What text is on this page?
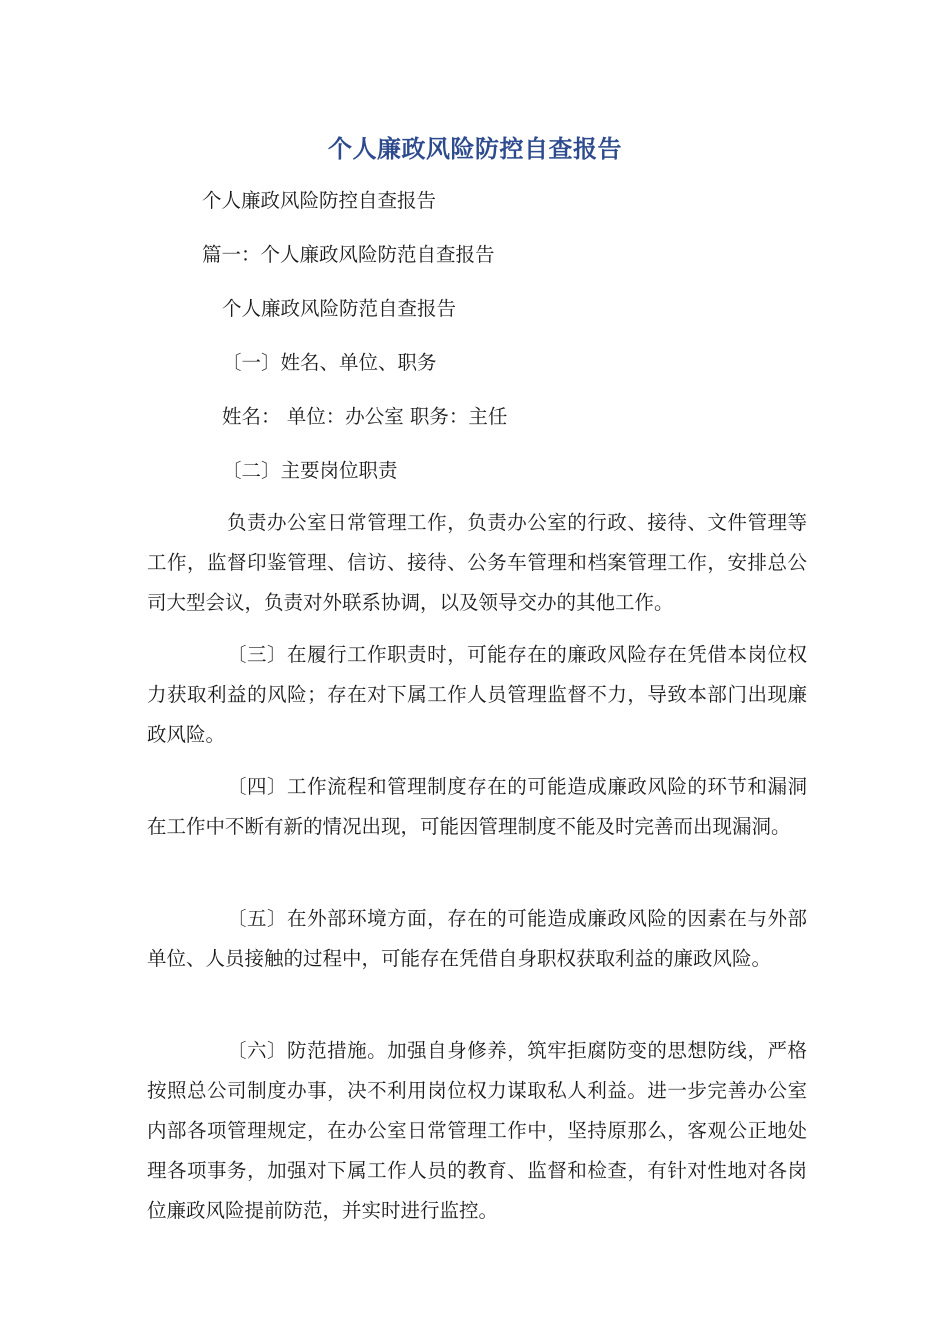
个人廉政风险防控自查报告
个人廉政风险防控自查报告
篇一：个人廉政风险防范自查报告
个人廉政风险防范自查报告
〔一〕姓名、单位、职务
姓名： 单位：办公室 职务：主任
〔二〕主要岗位职责
负责办公室日常管理工作，负责办公室的行政、接待、文件管理等工作，监督印鉴管理、信访、接待、公务车管理和档案管理工作，安排总公司大型会议，负责对外联系协调，以及领导交办的其他工作。
〔三〕在履行工作职责时，可能存在的廉政风险存在凭借本岗位权力获取利益的风险；存在对下属工作人员管理监督不力，导致本部门出现廉政风险。
〔四〕工作流程和管理制度存在的可能造成廉政风险的环节和漏洞在工作中不断有新的情况出现，可能因管理制度不能及时完善而出现漏洞。
〔五〕在外部环境方面，存在的可能造成廉政风险的因素在与外部单位、人员接触的过程中，可能存在凭借自身职权获取利益的廉政风险。
〔六〕防范措施。加强自身修养，筑牢拒腐防变的思想防线，严格按照总公司制度办事，决不利用岗位权力谋取私人利益。进一步完善办公室内部各项管理规定，在办公室日常管理工作中，坚持原那么，客观公正地处理各项事务，加强对下属工作人员的教育、监督和检查，有针对性地对各岗位廉政风险提前防范，并实时进行监控。
